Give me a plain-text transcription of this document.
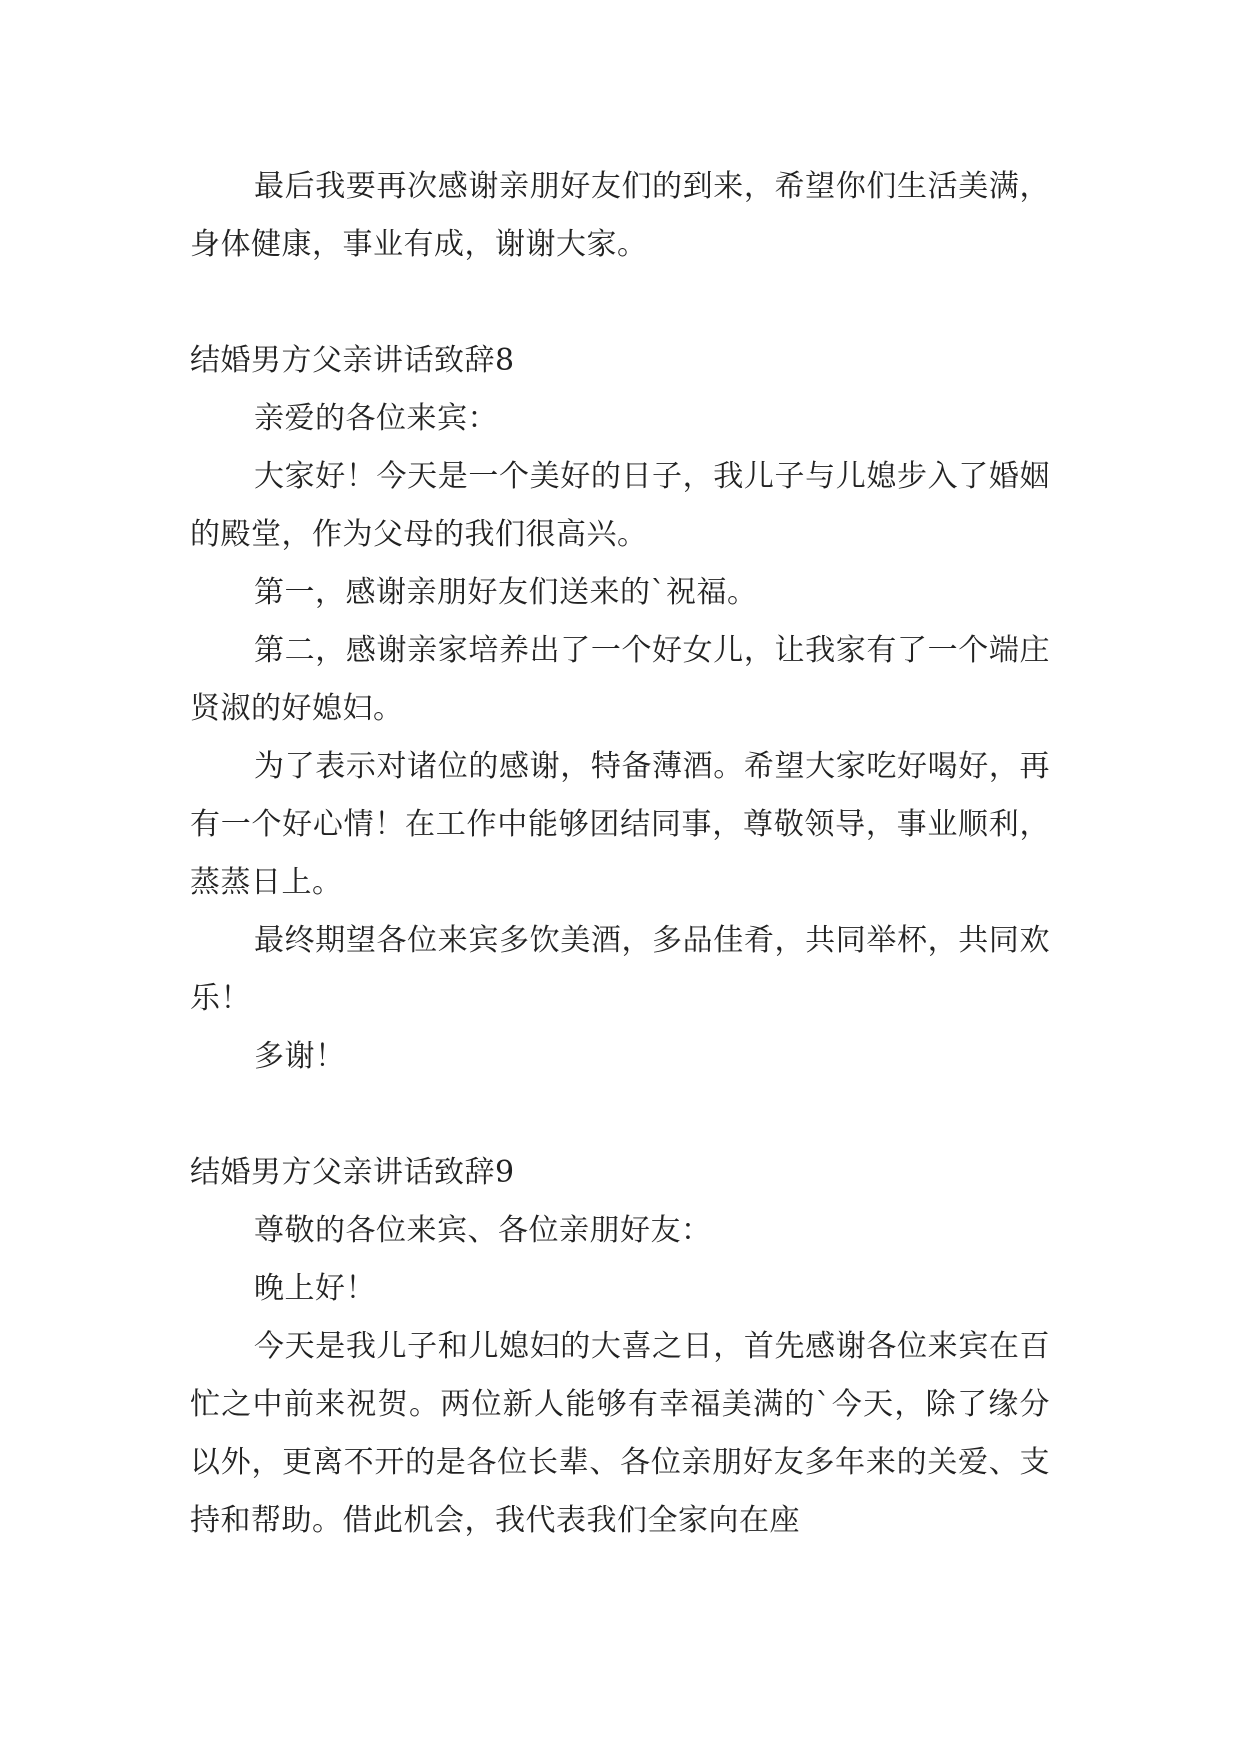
最后我要再次感谢亲朋好友们的到来，希望你们生活美满，身体健康，事业有成，谢谢大家。

结婚男方父亲讲话致辞8

亲爱的各位来宾：

大家好！今天是一个美好的日子，我儿子与儿媳步入了婚姻的殿堂，作为父母的我们很高兴。

第一，感谢亲朋好友们送来的`祝福。

第二，感谢亲家培养出了一个好女儿，让我家有了一个端庄贤淑的好媳妇。

为了表示对诸位的感谢，特备薄酒。希望大家吃好喝好，再有一个好心情！在工作中能够团结同事，尊敬领导，事业顺利，蒸蒸日上。

最终期望各位来宾多饮美酒，多品佳肴，共同举杯，共同欢乐！

多谢！

结婚男方父亲讲话致辞9

尊敬的各位来宾、各位亲朋好友：

晚上好！

今天是我儿子和儿媳妇的大喜之日，首先感谢各位来宾在百忙之中前来祝贺。两位新人能够有幸福美满的`今天，除了缘分以外，更离不开的是各位长辈、各位亲朋好友多年来的关爱、支持和帮助。借此机会，我代表我们全家向在座
